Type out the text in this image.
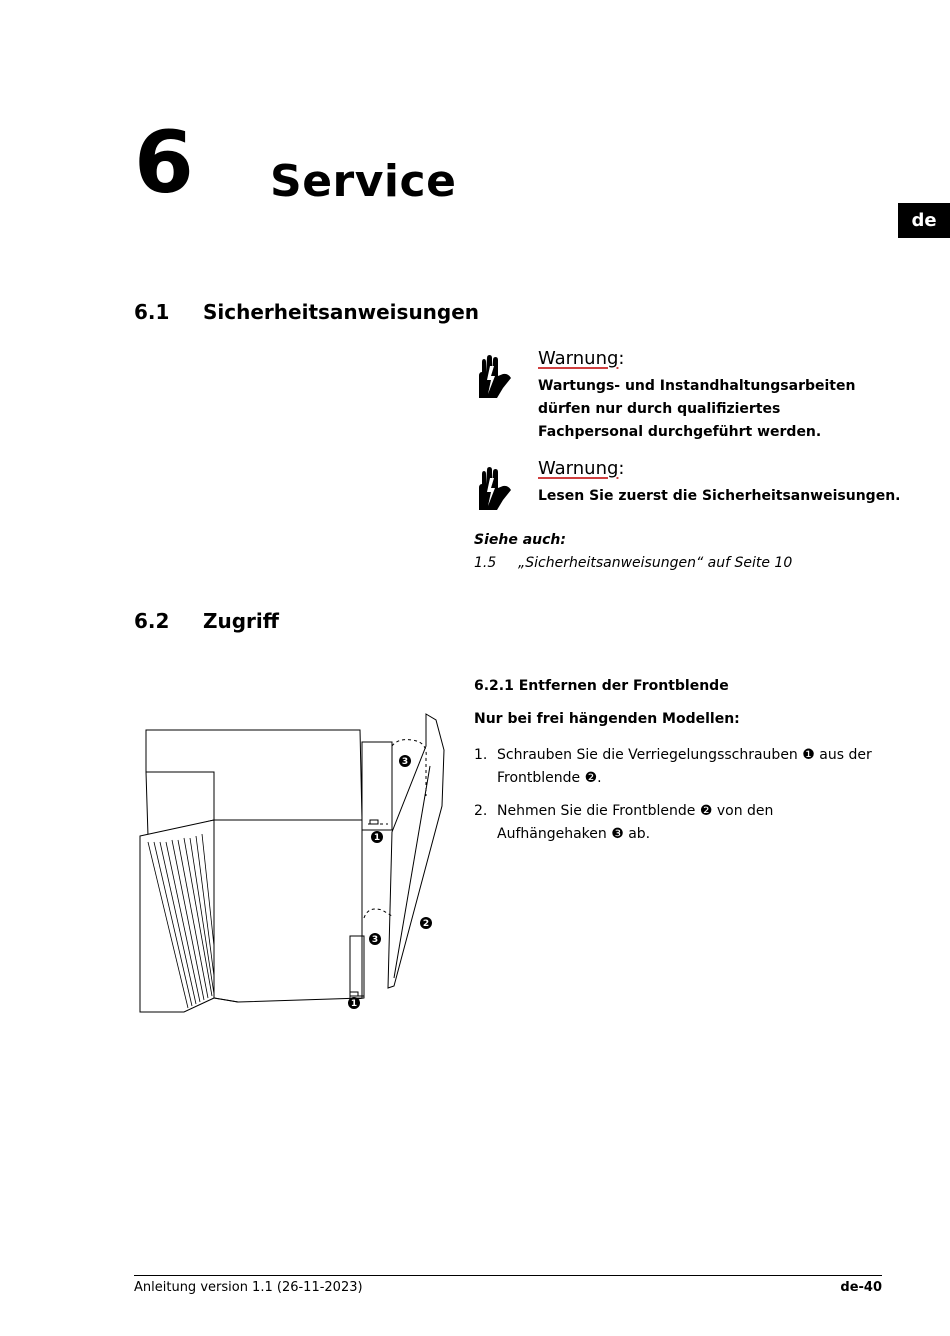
6 Service
de
6.1 Sicherheitsanweisungen
Warnung:
Wartungs- und Instandhaltungsarbeiten dürfen nur durch qualifiziertes Fachpersonal durchgeführt werden.
Warnung:
Lesen Sie zuerst die Sicherheitsanweisungen.
Siehe auch:
1.5 „Sicherheitsanweisungen“ auf Seite 10
6.2 Zugriff
6.2.1 Entfernen der Frontblende
Nur bei frei hängenden Modellen:
1. Schrauben Sie die Verriegelungsschrauben ❶ aus der Frontblende ❷.
2. Nehmen Sie die Frontblende ❷ von den Aufhängehaken ❸ ab.
3
1
2
3
1
Anleitung version 1.1 (26-11-2023)	de-40
